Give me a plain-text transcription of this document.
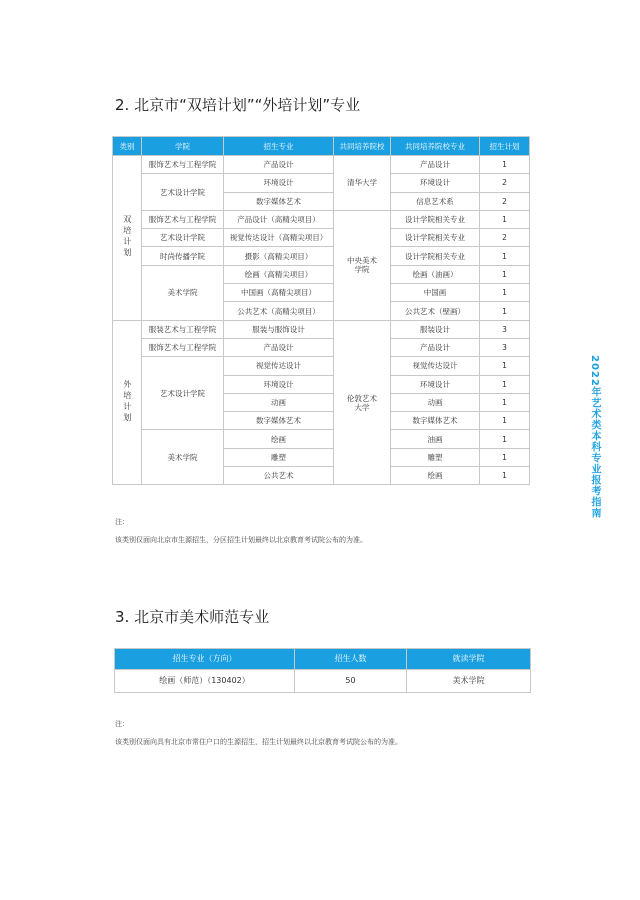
2. 北京市“双培计划”“外培计划”专业
类别	学院	招生专业	共同培养院校	共同培养院校专业	招生计划
双培计划	服饰艺术与工程学院	产品设计	清华大学	产品设计	1
	艺术设计学院	环境设计		环境设计	2
		数字媒体艺术		信息艺术系	2
	服饰艺术与工程学院	产品设计（高精尖项目）	中央美术学院	设计学院相关专业	1
	艺术设计学院	视觉传达设计（高精尖项目）		设计学院相关专业	2
	时尚传播学院	摄影（高精尖项目）		设计学院相关专业	1
	美术学院	绘画（高精尖项目）		绘画（油画）	1
		中国画（高精尖项目）		中国画	1
		公共艺术（高精尖项目）		公共艺术（壁画）	1
外培计划	服装艺术与工程学院	服装与服饰设计	伦敦艺术大学	服装设计	3
	服饰艺术与工程学院	产品设计		产品设计	3
	艺术设计学院	视觉传达设计		视觉传达设计	1
		环境设计		环境设计	1
		动画		动画	1
		数字媒体艺术		数字媒体艺术	1
	美术学院	绘画		油画	1
		雕塑		雕塑	1
		公共艺术		绘画	1

注：

该类别仅面向北京市生源招生，分区招生计划最终以北京教育考试院公布的为准。

3. 北京市美术师范专业
招生专业（方向）	招生人数	就读学院
绘画（师范）（130402）	50	美术学院

注：

该类别仅面向具有北京市常住户口的生源招生，招生计划最终以北京教育考试院公布的为准。

2022年艺术类本科专业报考指南
